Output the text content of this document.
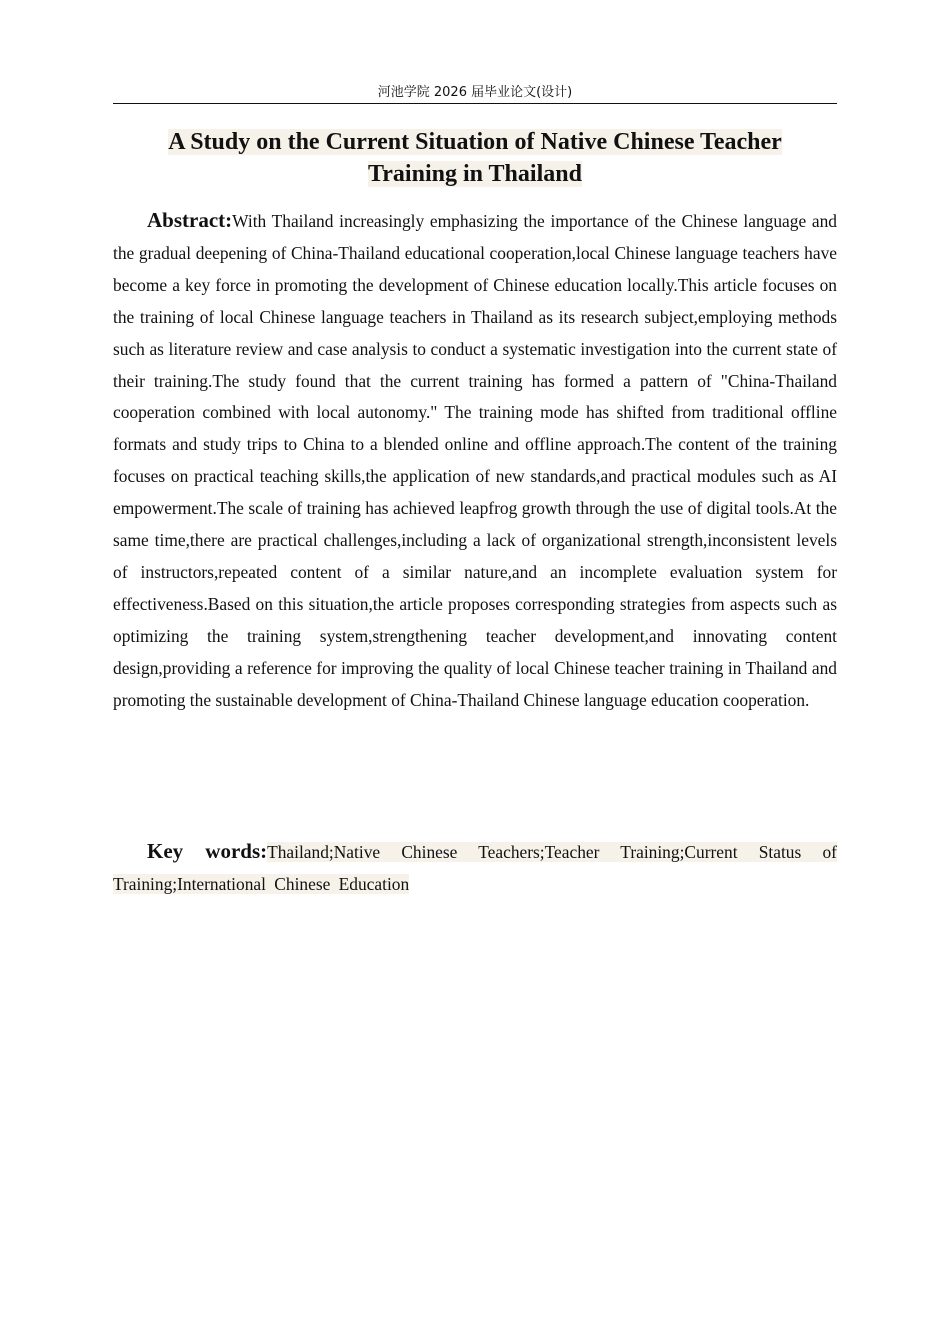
河池学院 2026 届毕业论文(设计)
A Study on the Current Situation of Native Chinese Teacher
Training in Thailand

Abstract:With Thailand increasingly emphasizing the importance of the Chinese language and the gradual deepening of China-Thailand educational cooperation,local Chinese language teachers have become a key force in promoting the development of Chinese education locally.This article focuses on the training of local Chinese language teachers in Thailand as its research subject,employing methods such as literature review and case analysis to conduct a systematic investigation into the current state of their training.The study found that the current training has formed a pattern of "China-Thailand cooperation combined with local autonomy." The training mode has shifted from traditional offline formats and study trips to China to a blended online and offline approach.The content of the training focuses on practical teaching skills,the application of new standards,and practical modules such as AI empowerment.The scale of training has achieved leapfrog growth through the use of digital tools.At the same time,there are practical challenges,including a lack of organizational strength,inconsistent levels of instructors,repeated content of a similar nature,and an incomplete evaluation system for effectiveness.Based on this situation,the article proposes corresponding strategies from aspects such as optimizing the training system,strengthening teacher development,and innovating content design,providing a reference for improving the quality of local Chinese teacher training in Thailand and promoting the sustainable development of China-Thailand Chinese language education cooperation.

Key words:Thailand;Native Chinese Teachers;Teacher Training;Current Status of Training;International Chinese Education
